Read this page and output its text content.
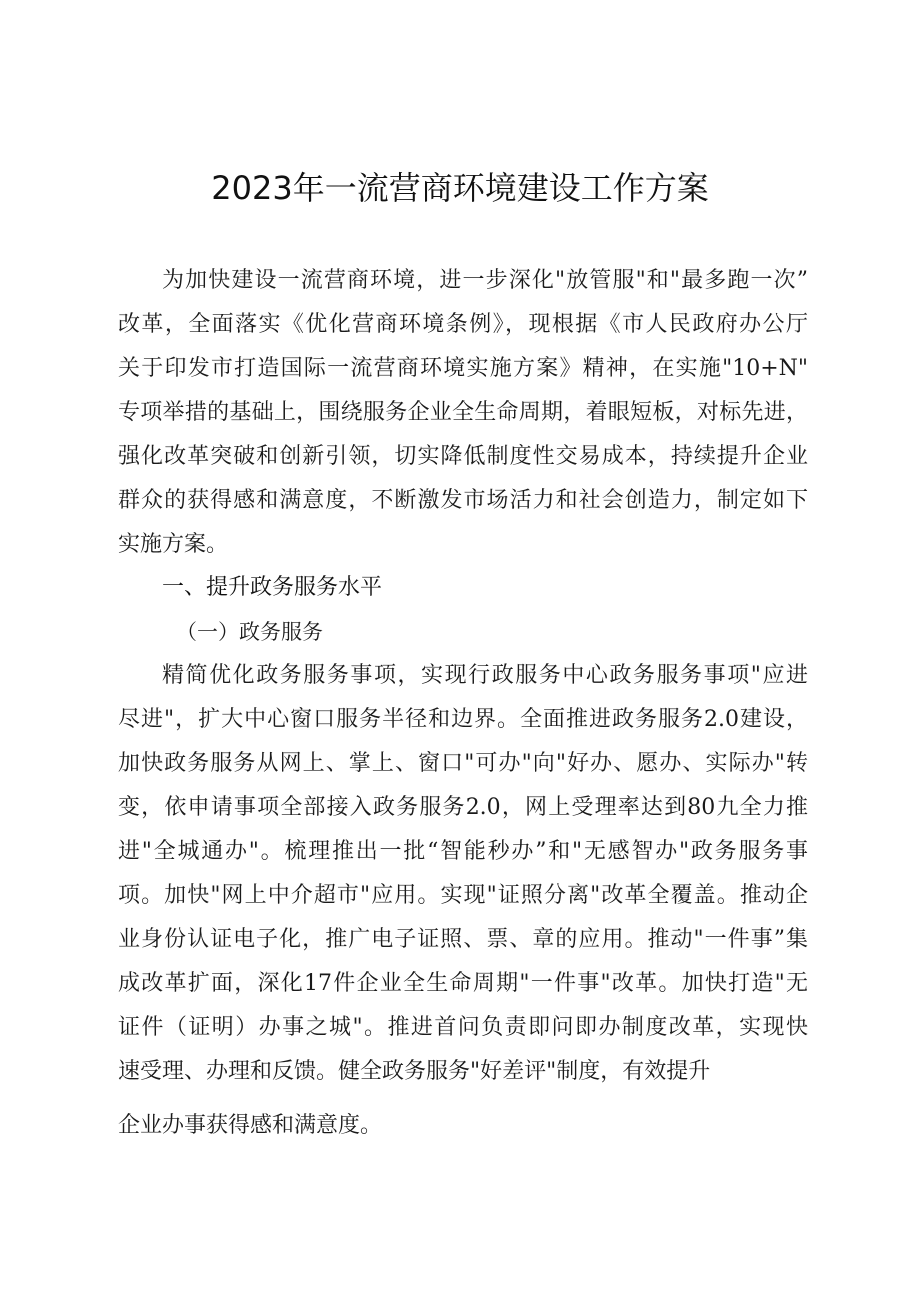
2023年一流营商环境建设工作方案
为加快建设一流营商环境，进一步深化"放管服"和"最多跑一次”
改革，全面落实《优化营商环境条例》，现根据《市人民政府办公厅
关于印发市打造国际一流营商环境实施方案》精神，在实施"10+N"
专项举措的基础上，围绕服务企业全生命周期，着眼短板，对标先进，
强化改革突破和创新引领，切实降低制度性交易成本，持续提升企业
群众的获得感和满意度，不断激发市场活力和社会创造力，制定如下
实施方案。
一、提升政务服务水平
（一）政务服务
精简优化政务服务事项，实现行政服务中心政务服务事项"应进
尽进"，扩大中心窗口服务半径和边界。全面推进政务服务2.0建设，
加快政务服务从网上、掌上、窗口"可办"向"好办、愿办、实际办"转
变，依申请事项全部接入政务服务2.0，网上受理率达到80九全力推
进"全城通办"。梳理推出一批“智能秒办”和"无感智办"政务服务事
项。加快"网上中介超市"应用。实现"证照分离"改革全覆盖。推动企
业身份认证电子化，推广电子证照、票、章的应用。推动"一件事”集
成改革扩面，深化17件企业全生命周期"一件事"改革。加快打造"无
证件（证明）办事之城"。推进首问负责即问即办制度改革，实现快
速受理、办理和反馈。健全政务服务"好差评"制度，有效提升
企业办事获得感和满意度。
